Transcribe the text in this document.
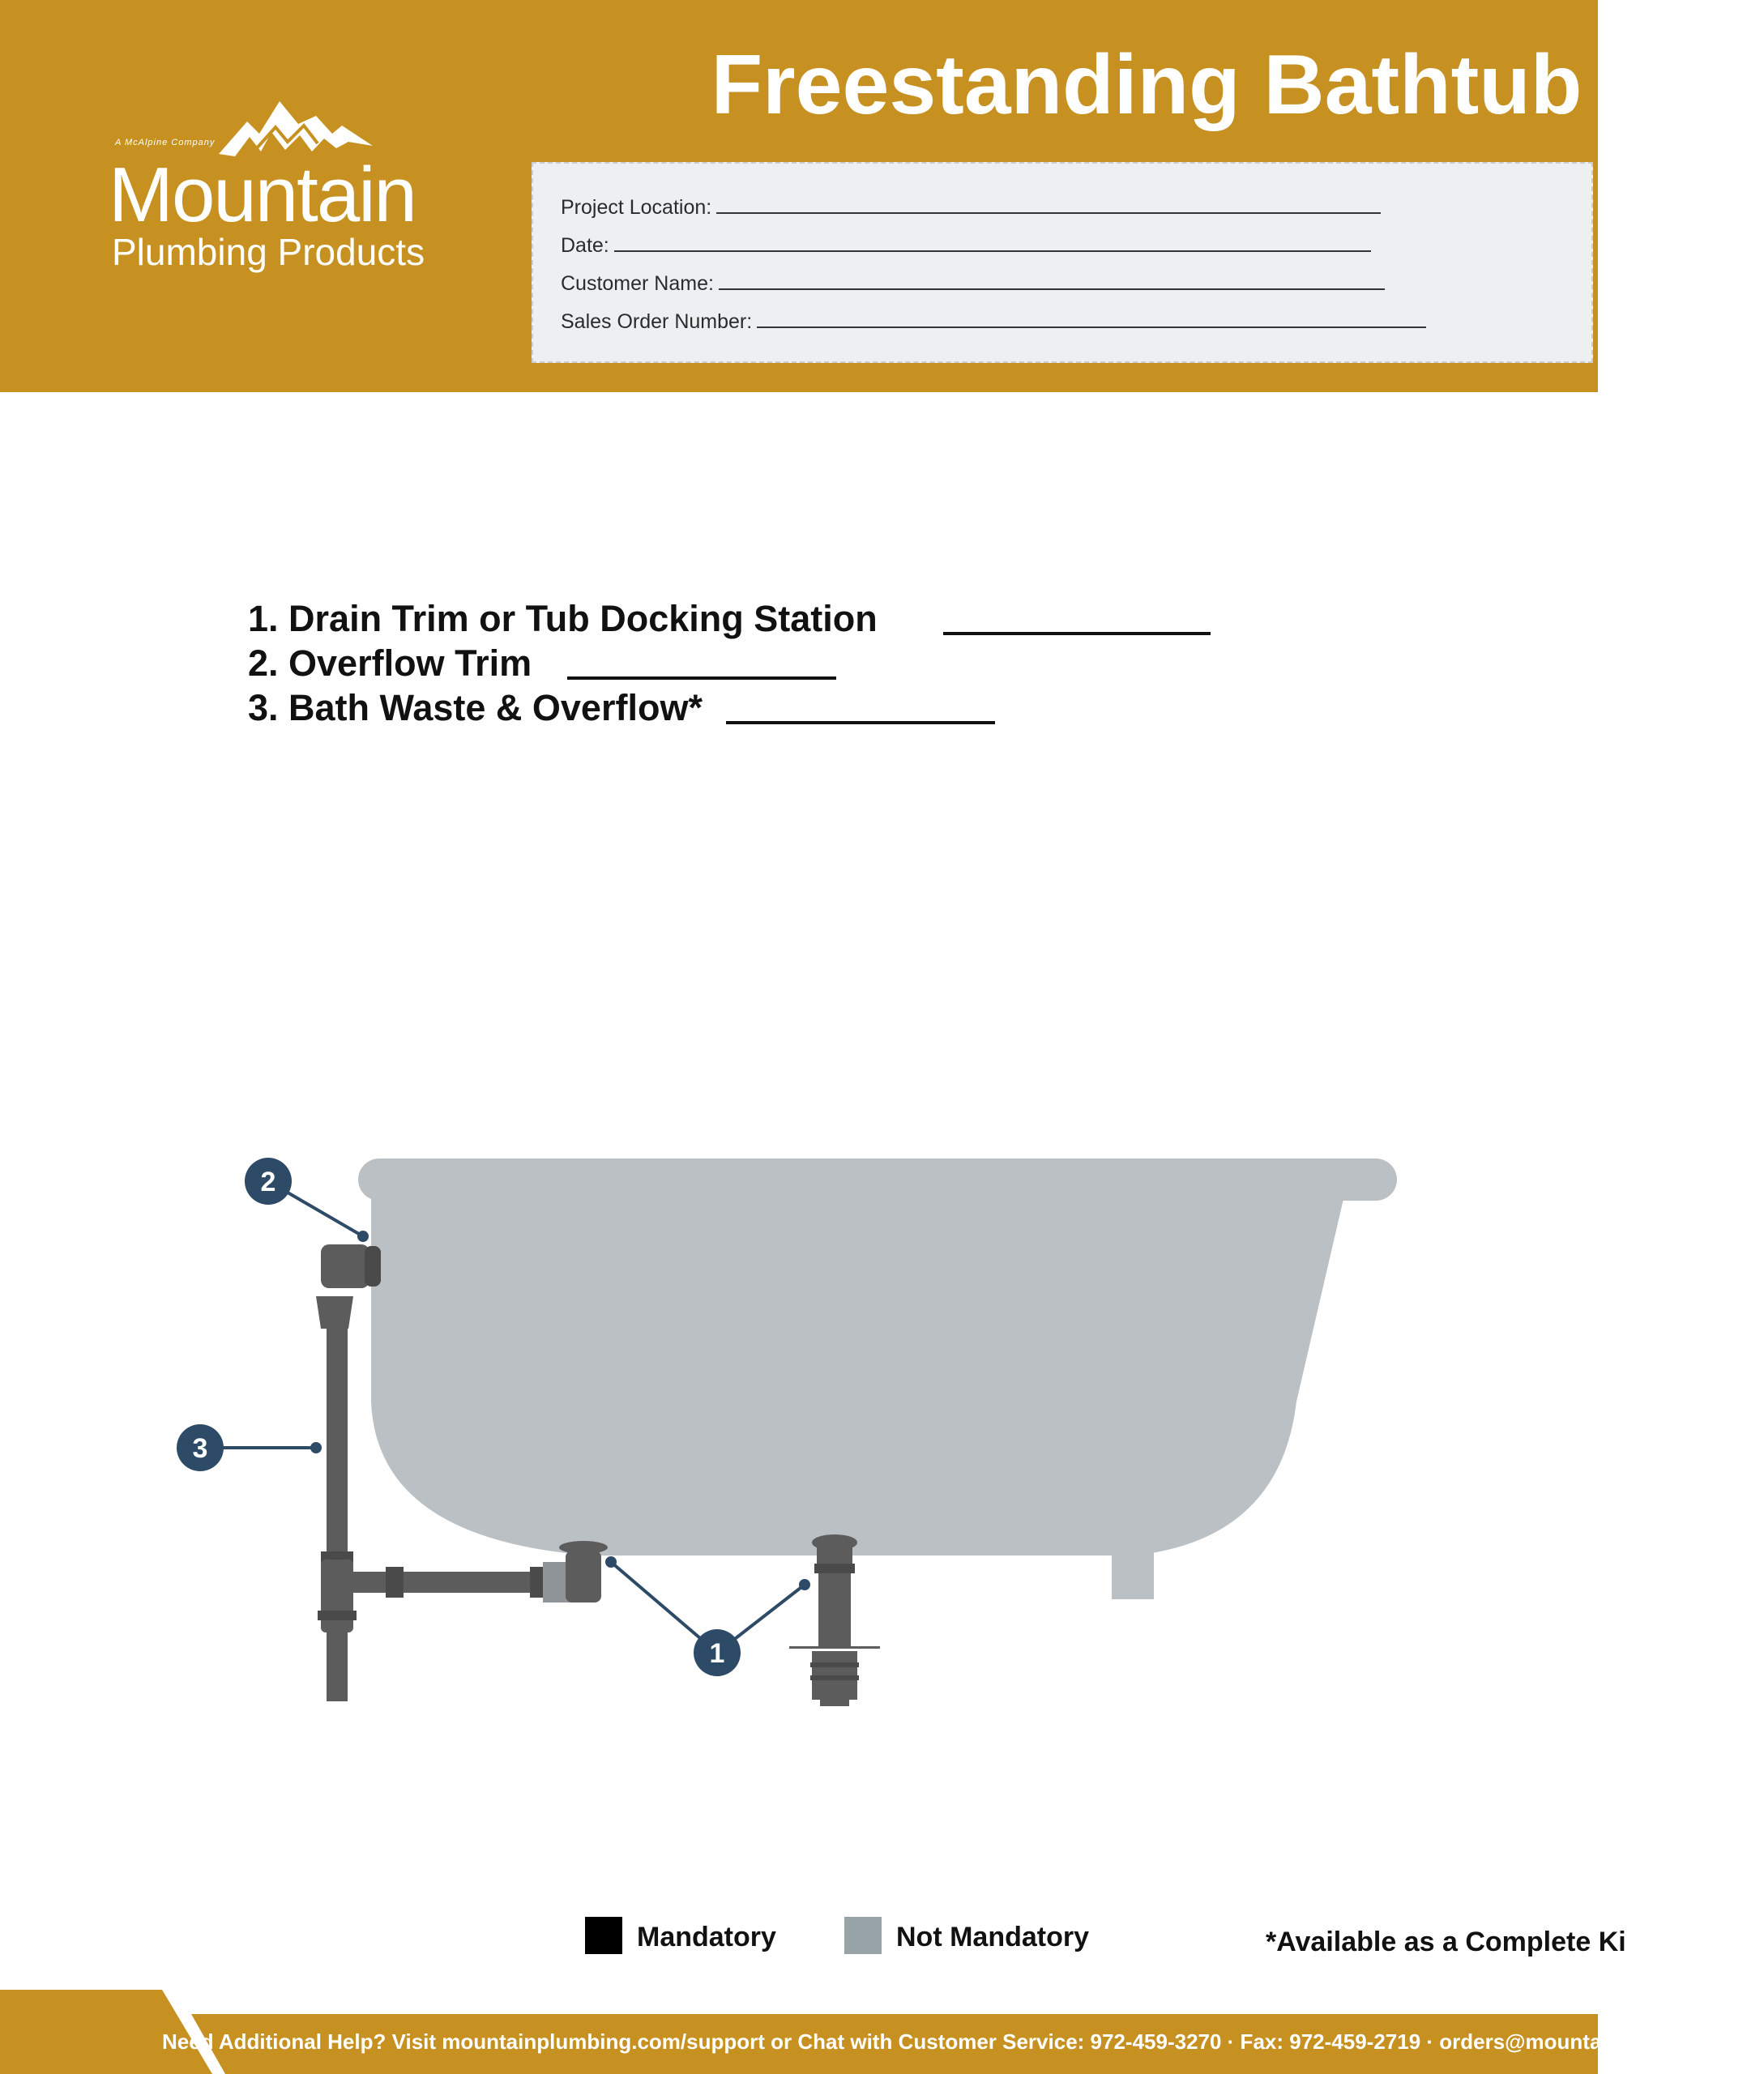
Freestanding Bathtub
A McAlpine Company
Mountain
Plumbing Products
Project Location:
Date:
Customer Name:
Sales Order Number:
1. Drain Trim or Tub Docking Station
2. Overflow Trim
3. Bath Waste & Overflow*
2
3
1
Mandatory	Not Mandatory	*Available as a Complete Ki
Need Additional Help? Visit mountainplumbing.com/support or Chat with Customer Service: 972-459-3270 · Fax: 972-459-2719 · orders@mountainplumbing.com
